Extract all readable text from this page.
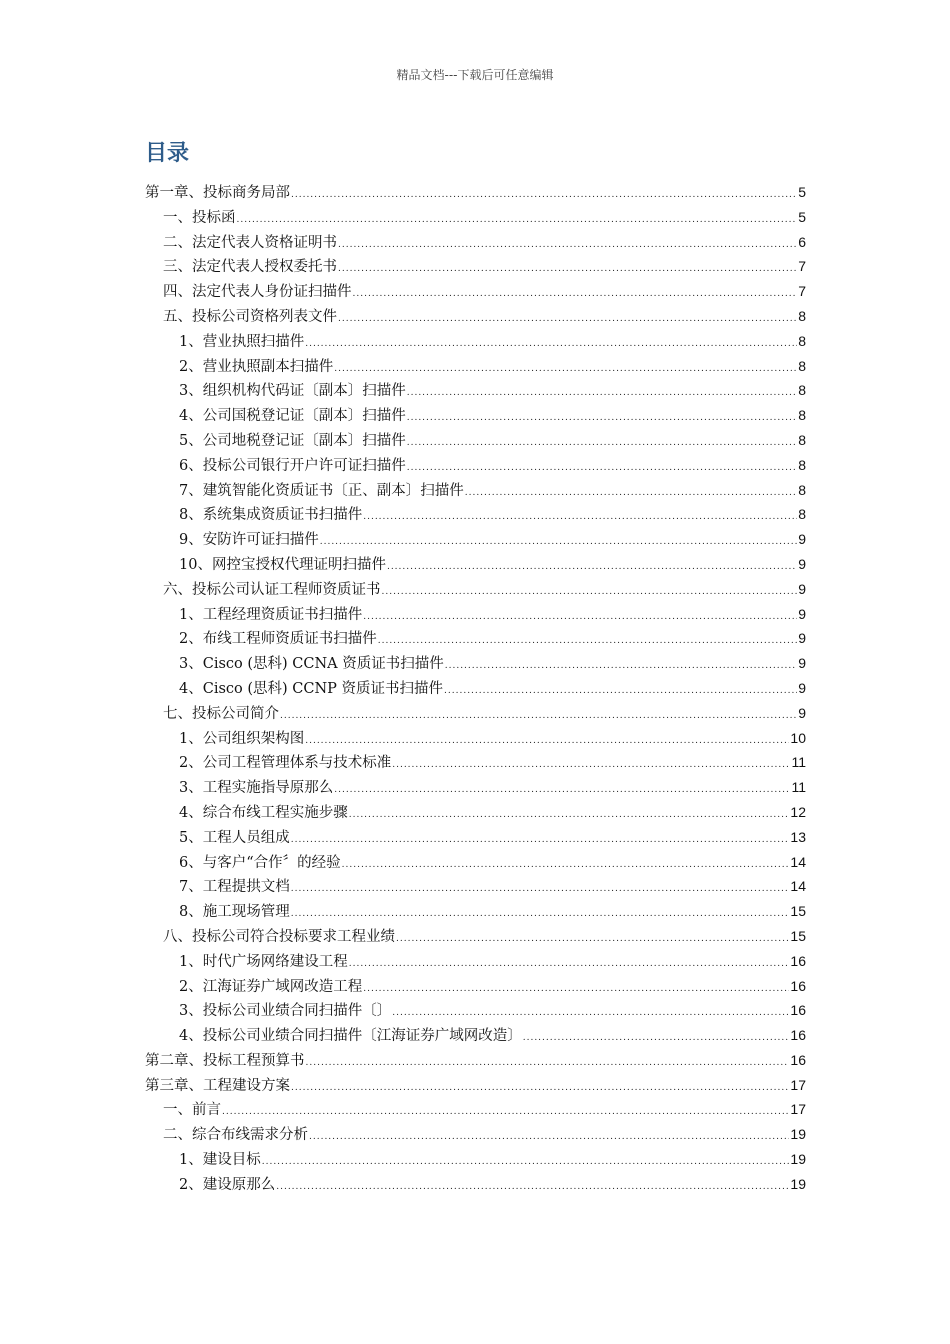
精品文档---下载后可任意编辑
目录
第一章、投标商务局部 .....	5
一、投标函 .....	5
二、法定代表人资格证明书 .....	6
三、法定代表人授权委托书 .....	7
四、法定代表人身份证扫描件 .....	7
五、投标公司资格列表文件 .....	8
1、营业执照扫描件 .....	8
2、营业执照副本扫描件 .....	8
3、组织机构代码证〔副本〕扫描件 .....	8
4、公司国税登记证〔副本〕扫描件 .....	8
5、公司地税登记证〔副本〕扫描件 .....	8
6、投标公司银行开户许可证扫描件 .....	8
7、建筑智能化资质证书〔正、副本〕扫描件 .....	8
8、系统集成资质证书扫描件 .....	8
9、安防许可证扫描件 .....	9
10、网控宝授权代理证明扫描件 .....	9
六、投标公司认证工程师资质证书 .....	9
1、工程经理资质证书扫描件 .....	9
2、布线工程师资质证书扫描件 .....	9
3、Cisco (思科) CCNA 资质证书扫描件 .....	9
4、Cisco (思科) CCNP 资质证书扫描件 .....	9
七、投标公司简介 .....	9
1、公司组织架构图 .....	10
2、公司工程管理体系与技术标准 .....	11
3、工程实施指导原那么 .....	11
4、综合布线工程实施步骤 .....	12
5、工程人员组成 .....	13
6、与客户“合作〞的经验 .....	14
7、工程提拱文档 .....	14
8、施工现场管理 .....	15
八、投标公司符合投标要求工程业绩 .....	15
1、时代广场网络建设工程 .....	16
2、江海证券广域网改造工程 .....	16
3、投标公司业绩合同扫描件〔〕 .....	16
4、投标公司业绩合同扫描件〔江海证券广域网改造〕 .....	16
第二章、投标工程预算书 .....	16
第三章、工程建设方案 .....	17
一、前言 .....	17
二、综合布线需求分析 .....	19
1、建设目标 .....	19
2、建设原那么 .....	19
